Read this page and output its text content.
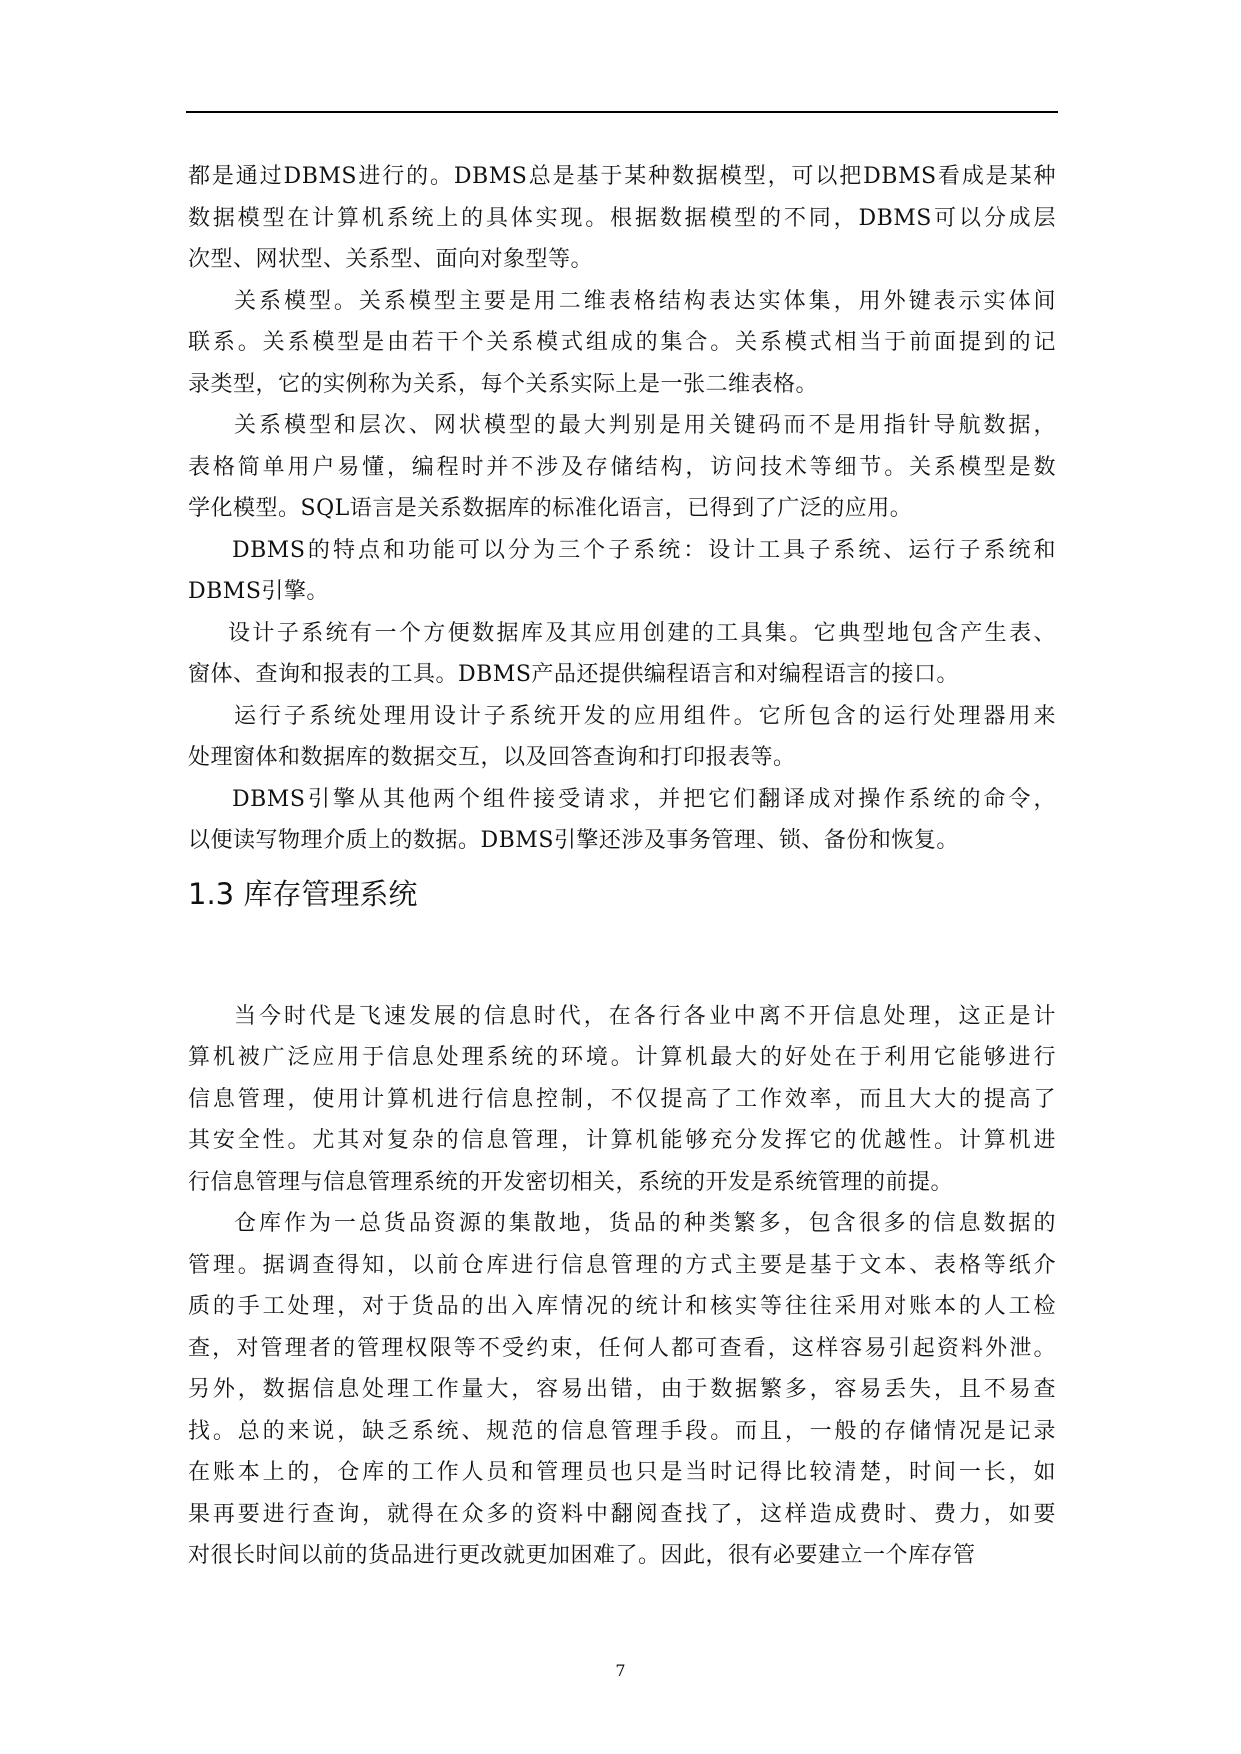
都是通过DBMS进行的。DBMS总是基于某种数据模型，可以把DBMS看成是某种
数据模型在计算机系统上的具体实现。根据数据模型的不同，DBMS可以分成层
次型、网状型、关系型、面向对象型等。
关系模型。关系模型主要是用二维表格结构表达实体集，用外键表示实体间
联系。关系模型是由若干个关系模式组成的集合。关系模式相当于前面提到的记
录类型，它的实例称为关系，每个关系实际上是一张二维表格。
关系模型和层次、网状模型的最大判别是用关键码而不是用指针导航数据，
表格简单用户易懂，编程时并不涉及存储结构，访问技术等细节。关系模型是数
学化模型。SQL语言是关系数据库的标准化语言，已得到了广泛的应用。
DBMS的特点和功能可以分为三个子系统：设计工具子系统、运行子系统和
DBMS引擎。
设计子系统有一个方便数据库及其应用创建的工具集。它典型地包含产生表、
窗体、查询和报表的工具。DBMS产品还提供编程语言和对编程语言的接口。
运行子系统处理用设计子系统开发的应用组件。它所包含的运行处理器用来
处理窗体和数据库的数据交互，以及回答查询和打印报表等。
DBMS引擎从其他两个组件接受请求，并把它们翻译成对操作系统的命令，
以便读写物理介质上的数据。DBMS引擎还涉及事务管理、锁、备份和恢复。
1.3 库存管理系统
当今时代是飞速发展的信息时代，在各行各业中离不开信息处理，这正是计
算机被广泛应用于信息处理系统的环境。计算机最大的好处在于利用它能够进行
信息管理，使用计算机进行信息控制，不仅提高了工作效率，而且大大的提高了
其安全性。尤其对复杂的信息管理，计算机能够充分发挥它的优越性。计算机进
行信息管理与信息管理系统的开发密切相关，系统的开发是系统管理的前提。
仓库作为一总货品资源的集散地，货品的种类繁多，包含很多的信息数据的
管理。据调查得知，以前仓库进行信息管理的方式主要是基于文本、表格等纸介
质的手工处理，对于货品的出入库情况的统计和核实等往往采用对账本的人工检
查，对管理者的管理权限等不受约束，任何人都可查看，这样容易引起资料外泄。
另外，数据信息处理工作量大，容易出错，由于数据繁多，容易丢失，且不易查
找。总的来说，缺乏系统、规范的信息管理手段。而且，一般的存储情况是记录
在账本上的，仓库的工作人员和管理员也只是当时记得比较清楚，时间一长，如
果再要进行查询，就得在众多的资料中翻阅查找了，这样造成费时、费力，如要
对很长时间以前的货品进行更改就更加困难了。因此，很有必要建立一个库存管
7
